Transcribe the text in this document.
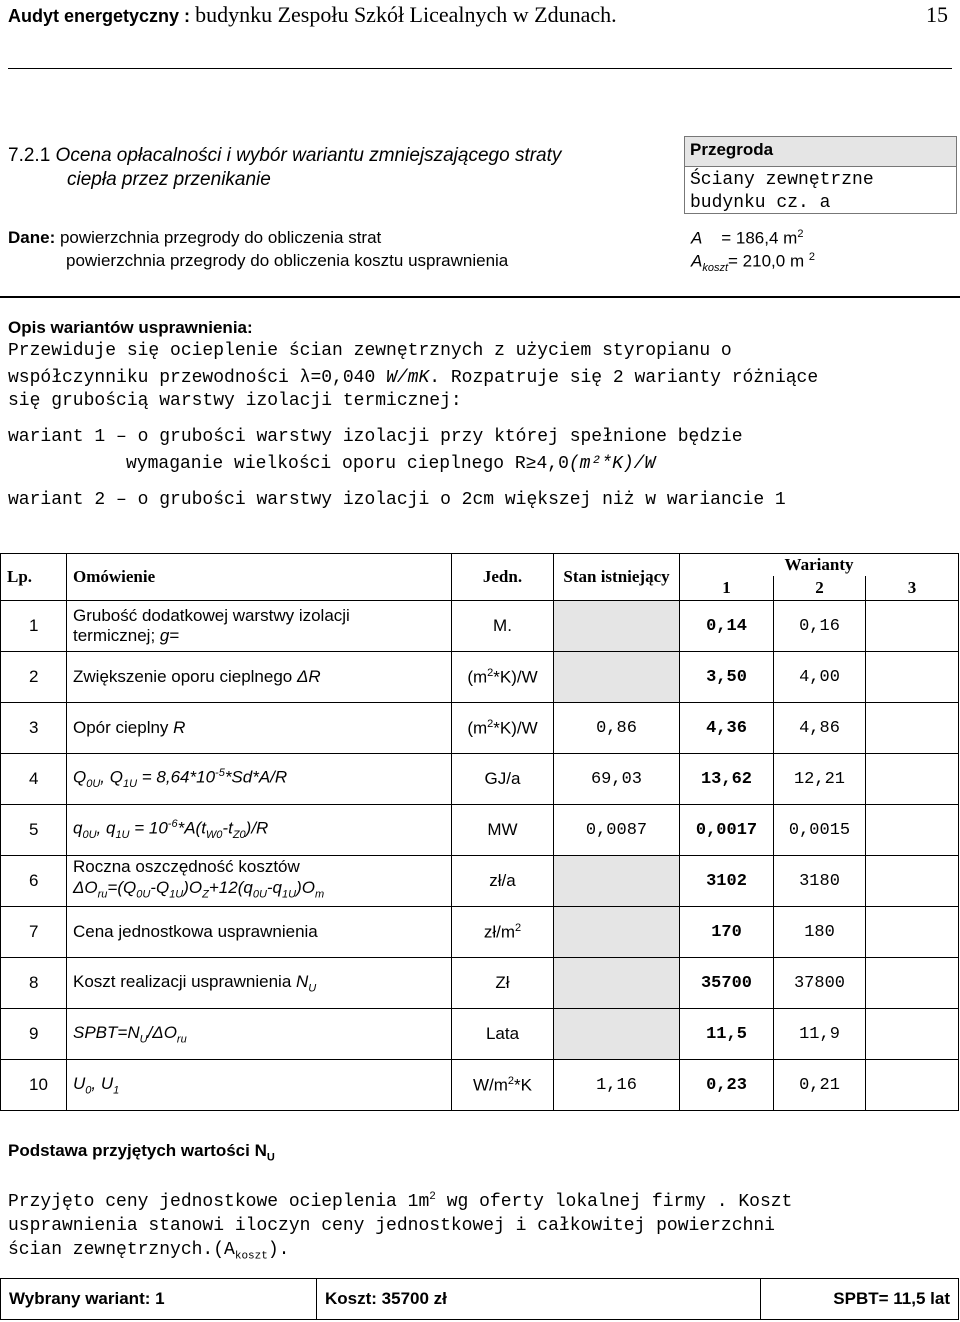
Audyt energetyczny : budynku Zespołu Szkół Licealnych w Zdunach.	15
7.2.1 Ocena opłacalności i wybór wariantu zmniejszającego straty
ciepła przez przenikanie
Przegroda
Ściany zewnętrzne
budynku cz. a
Dane: powierzchnia przegrody do obliczenia strat
powierzchnia przegrody do obliczenia kosztu usprawnienia
A = 186,4 $m^2$
$A_{koszt}= 210,0$ m $^2$
Opis wariantów usprawnienia:
Przewiduje się ocieplenie ścian zewnętrznych z użyciem styropianu o
współczynniku przewodności λ=0,040 W/mK. Rozpatruje się 2 warianty różniące
się grubością warstwy izolacji termicznej:
wariant 1 – o grubości warstwy izolacji przy której spełnione będzie
wymaganie wielkości oporu cieplnego R≥4,0(m²*K)/W
wariant 2 – o grubości warstwy izolacji o 2cm większej niż w wariancie 1
Lp.	Omówienie	Jedn.	Stan istniejący	Warianty		
				1	2	3
1	Grubość dodatkowej warstwy izolacji
termicznej; g=	M.		0,14	0,16	
2	Zwiększenie oporu cieplnego ΔR	$(m^2*K)/W$		3,50	4,00	
3	Opór cieplny R	$(m^2*K)/W$	0,86	4,36	4,86	
4	$Q_{0U}$, $Q_{1U} = 8,64*10^{-5}*Sd*A/R$	GJ/a	69,03	13,62	12,21	
5	$q_{0U}$, $q_{1U} = 10^{-6}*A(t_{W0}-t_{Z0})/R$	MW	0,0087	0,0017	0,0015	
6	Roczna oszczędność kosztów
$\Delta O_{ru}=(Q_{0U}-Q_{1U})O_Z+12(q_{0U}-q_{1U})O_m$	zł/a		3102	3180	
7	Cena jednostkowa usprawnienia	$zł/m^2$		170	180	
8	Koszt realizacji usprawnienia $N_U$	Zł		35700	37800	
9	$SPBT=N_U/\Delta O_{ru}$	Lata		11,5	11,9	
10	$U_0$, $U_1$	$W/m^2*K$	1,16	0,23	0,21	
Podstawa przyjętych wartości $N_U$
Przyjęto ceny jednostkowe ocieplenia $1m^2$ wg oferty lokalnej firmy . Koszt
usprawnienia stanowi iloczyn ceny jednostkowej i całkowitej powierzchni
ścian $zewnętrznych.(A_{koszt})$.
Wybrany wariant: 1	Koszt: 35700 zł	SPBT= 11,5 lat
